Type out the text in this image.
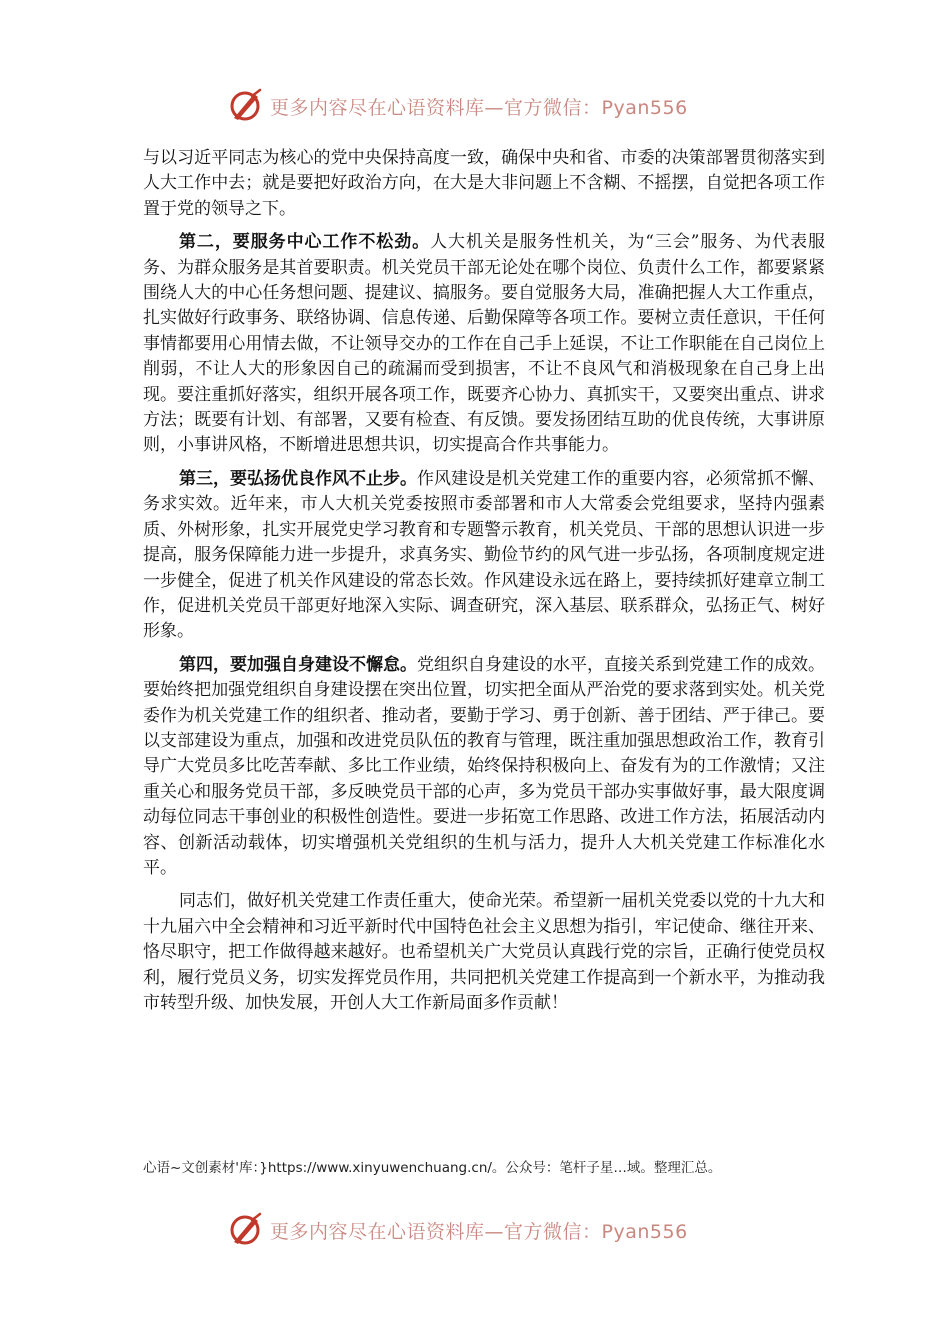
更多内容尽在心语资料库—官方微信：Pyan556

与以习近平同志为核心的党中央保持高度一致，确保中央和省、市委的决策部署贯彻落实到人大工作中去；就是要把好政治方向，在大是大非问题上不含糊、不摇摆，自觉把各项工作置于党的领导之下。

第二，要服务中心工作不松劲。人大机关是服务性机关，为“三会”服务、为代表服务、为群众服务是其首要职责。机关党员干部无论处在哪个岗位、负责什么工作，都要紧紧围绕人大的中心任务想问题、提建议、搞服务。要自觉服务大局，准确把握人大工作重点，扎实做好行政事务、联络协调、信息传递、后勤保障等各项工作。要树立责任意识，干任何事情都要用心用情去做，不让领导交办的工作在自己手上延误，不让工作职能在自己岗位上削弱，不让人大的形象因自己的疏漏而受到损害，不让不良风气和消极现象在自己身上出现。要注重抓好落实，组织开展各项工作，既要齐心协力、真抓实干，又要突出重点、讲求方法；既要有计划、有部署，又要有检查、有反馈。要发扬团结互助的优良传统，大事讲原则，小事讲风格，不断增进思想共识，切实提高合作共事能力。

第三，要弘扬优良作风不止步。作风建设是机关党建工作的重要内容，必须常抓不懈、务求实效。近年来，市人大机关党委按照市委部署和市人大常委会党组要求，坚持内强素质、外树形象，扎实开展党史学习教育和专题警示教育，机关党员、干部的思想认识进一步提高，服务保障能力进一步提升，求真务实、勤俭节约的风气进一步弘扬，各项制度规定进一步健全，促进了机关作风建设的常态长效。作风建设永远在路上，要持续抓好建章立制工作，促进机关党员干部更好地深入实际、调查研究，深入基层、联系群众，弘扬正气、树好形象。

第四，要加强自身建设不懈怠。党组织自身建设的水平，直接关系到党建工作的成效。要始终把加强党组织自身建设摆在突出位置，切实把全面从严治党的要求落到实处。机关党委作为机关党建工作的组织者、推动者，要勤于学习、勇于创新、善于团结、严于律己。要以支部建设为重点，加强和改进党员队伍的教育与管理，既注重加强思想政治工作，教育引导广大党员多比吃苦奉献、多比工作业绩，始终保持积极向上、奋发有为的工作激情；又注重关心和服务党员干部，多反映党员干部的心声，多为党员干部办实事做好事，最大限度调动每位同志干事创业的积极性创造性。要进一步拓宽工作思路、改进工作方法，拓展活动内容、创新活动载体，切实增强机关党组织的生机与活力，提升人大机关党建工作标准化水平。

同志们，做好机关党建工作责任重大，使命光荣。希望新一届机关党委以党的十九大和十九届六中全会精神和习近平新时代中国特色社会主义思想为指引，牢记使命、继往开来、恪尽职守，把工作做得越来越好。也希望机关广大党员认真践行党的宗旨，正确行使党员权利，履行党员义务，切实发挥党员作用，共同把机关党建工作提高到一个新水平，为推动我市转型升级、加快发展，开创人大工作新局面多作贡献！

心语~文创素材'库：}https://www.xinyuwenchuang.cn/。公众号：笔杆子星…域。整理汇总。
更多内容尽在心语资料库—官方微信：Pyan556
